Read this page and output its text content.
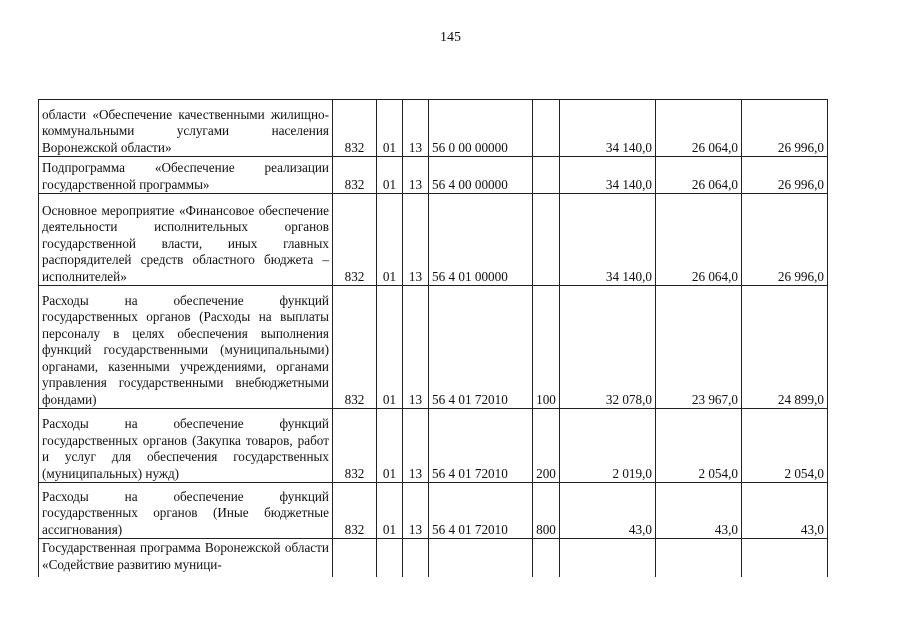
145
области «Обеспечение качественными жилищно-коммунальными услугами населения Воронежской области»	832	01	13	56 0 00 00000		34 140,0	26 064,0	26 996,0
Подпрограмма «Обеспечение реализации государственной программы»	832	01	13	56 4 00 00000		34 140,0	26 064,0	26 996,0
Основное мероприятие «Финансовое обеспечение деятельности исполнительных органов государственной власти, иных главных распорядителей средств областного бюджета – исполнителей»	832	01	13	56 4 01 00000		34 140,0	26 064,0	26 996,0
Расходы на обеспечение функций государственных органов (Расходы на выплаты персоналу в целях обеспечения выполнения функций государственными (муниципальными) органами, казенными учреждениями, органами управления государственными внебюджетными фондами)	832	01	13	56 4 01 72010	100	32 078,0	23 967,0	24 899,0
Расходы на обеспечение функций государственных органов (Закупка товаров, работ и услуг для обеспечения государственных (муниципальных) нужд)	832	01	13	56 4 01 72010	200	2 019,0	2 054,0	2 054,0
Расходы на обеспечение функций государственных органов (Иные бюджетные ассигнования)	832	01	13	56 4 01 72010	800	43,0	43,0	43,0
Государственная программа Воронежской области «Содействие развитию муници-								
